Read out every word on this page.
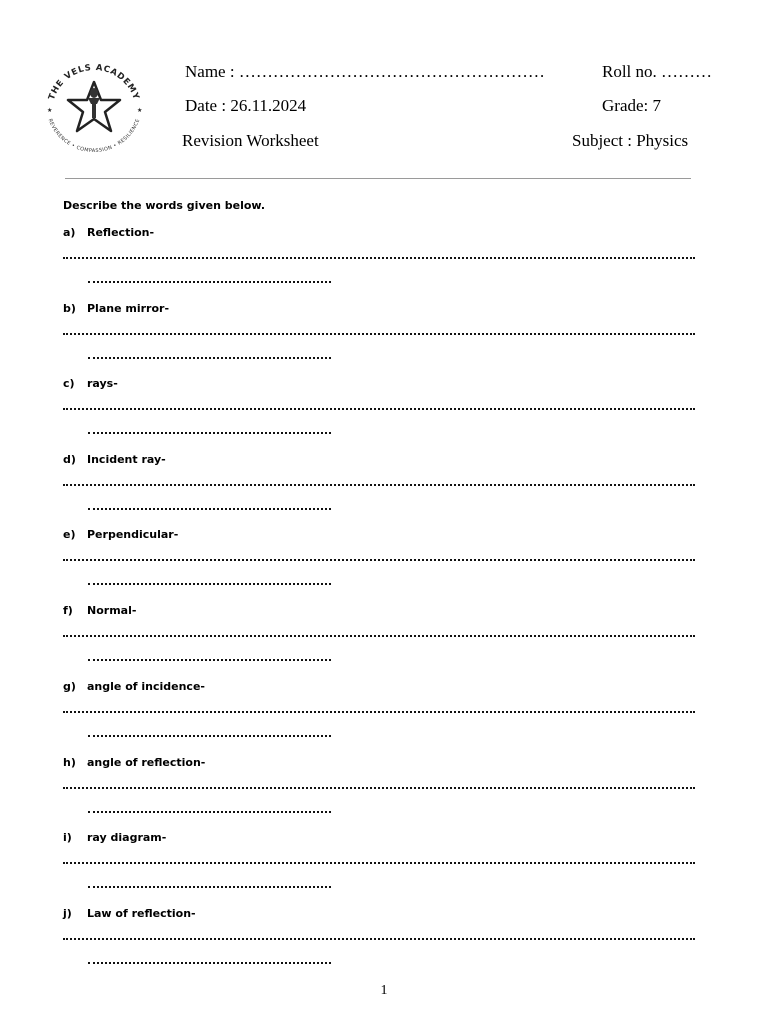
THE VELS ACADEMY
REVERENCE • COMPASSION • RESILIENCE
★	★
Name : ………………………………………………	Roll no. ………
Date : 26.11.2024	Grade: 7
Revision Worksheet	Subject : Physics
Describe the words given below.
a) Reflection-
b) Plane mirror-
c) rays-
d) Incident ray-
e) Perpendicular-
f) Normal-
g) angle of incidence-
h) angle of reflection-
i) ray diagram-
j) Law of reflection-
1
